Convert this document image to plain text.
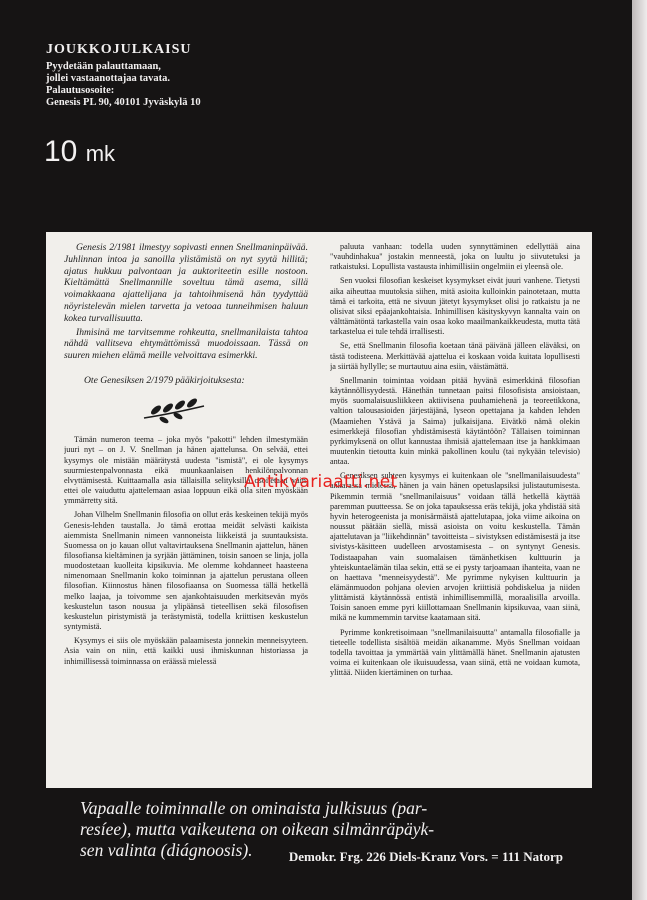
JOUKKOJULKAISU
Pyydetään palauttamaan,
jollei vastaanottajaa tavata.
Palautusosoite:
Genesis PL 90, 40101 Jyväskylä 10
10 mk

Genesis 2/1981 ilmestyy sopivasti ennen Snellmaninpäivää. Juhlinnan intoa ja sanoilla ylistämistä on nyt syytä hillitä; ajatus hukkuu palvontaan ja auktoriteetin esille nostoon. Kieltämättä Snellmannille soveltuu tämä asema, sillä voimakkaana ajattelijana ja tahtoihmisenä hän tyydyttää nöyristelevän mielen tarvetta ja vetoaa tunneihmisen haluun kokea turvallisuutta.

Ihmisinä me tarvitsemme rohkeutta, snellmanilaista tahtoa nähdä vallitseva ehtymättömissä muodoissaan. Tässä on suuren miehen elämä meille velvoittava esimerkki.

Ote Genesiksen 2/1979 pääkirjoituksesta:

Tämän numeron teema – joka myös "pakotti" lehden ilmestymään juuri nyt – on J. V. Snellman ja hänen ajattelunsa. On selvää, ettei kysymys ole mistään määrätystä uudesta "ismistä", ei ole kysymys suurmiestenpalvonnasta eikä muunkaanlaisen henkilönpalvonnan elvyttämisestä. Kuittaamalla asia tällaisilla selityksillä osoitetaan vain, ettei ole vaiuduttu ajattelemaan asiaa loppuun eikä olla siten myöskään ymmärretty sitä.

Johan Vilhelm Snellmanin filosofia on ollut eräs keskeinen tekijä myös Genesis-lehden taustalla. Jo tämä erottaa meidät selvästi kaikista aiemmista Snellmanin nimeen vannoneista liikkeistä ja suuntauksista. Suomessa on jo kauan ollut valtavirtauksena Snellmanin ajattelun, hänen filosofiansa kieltäminen ja syrjään jättäminen, toisin sanoen se linja, jolla muodostetaan kuolleita kipsikuvia. Me olemme kohdanneet haasteena nimenomaan Snellmanin koko toiminnan ja ajattelun perustana olleen filosofian. Kiinnostus hänen filosofiaansa on Suomessa tällä hetkellä melko laajaa, ja toivomme sen ajankohtaisuuden merkitsevän myös keskustelun tason nousua ja ylipäänsä tieteellisen sekä filosofisen keskustelun piristymistä ja terästymistä, todella kriittisen keskustelun syntymistä.

Kysymys ei siis ole myöskään palaamisesta jonnekin menneisyyteen. Asia vain on niin, että kaikki uusi ihmiskunnan historiassa ja inhimillisessä toiminnassa on eräässä mielessä

paluuta vanhaan: todella uuden synnyttäminen edellyttää aina "vauhdinhakua" jostakin menneestä, joka on luultu jo siivutetuksi ja ratkaistuksi. Lopullista vastausta inhimillisiin ongelmiin ei yleensä ole.

Sen vuoksi filosofian keskeiset kysymykset eivät juuri vanhene. Tietysti aika aiheuttaa muutoksia siihen, mitä asioita kulloinkin painotetaan, mutta tämä ei tarkoita, että ne sivuun jätetyt kysymykset olisi jo ratkaistu ja ne olisivat siksi epäajankohtaisia. Inhimillisen käsityskyvyn kannalta vain on välttämätöntä tarkastella vain osaa koko maailmankaikkeudesta, mutta tätä tarkastelua ei tule tehdä irrallisesti.

Se, että Snellmanin filosofia koetaan tänä päivänä jälleen eläväksi, on tästä todisteena. Merkittävää ajattelua ei koskaan voida kuitata lopullisesti ja siirtää hyllylle; se murtautuu aina esiin, väistämättä.

Snellmanin toimintaa voidaan pitää hyvänä esimerkkinä filosofian käytännöllisyydestä. Hänethän tunnetaan paitsi filosofisista ansioistaan, myös suomalaisuusliikkeen aktiivisena puuhamiehenä ja teoreetikkona, valtion talousasioiden järjestäjänä, lyseon opettajana ja kahden lehden (Maamiehen Ystävä ja Saima) julkaisijana. Eivätkö nämä olekin esimerkkejä filosofian yhdistämisestä käytäntöön? Tällaisen toiminnan pyrkimyksenä on ollut kannustaa ihmisiä ajattelemaan itse ja hankkimaan muutenkin tietoutta kuin minkä pakollinen koulu (tai nykyään televisio) antaa.

Genesiksen suhteen kysymys ei kuitenkaan ole "snellmanilaisuudesta" ankarassa mielessä, hänen ja vain hänen opetuslapsiksi julistautumisesta. Pikemmin termiä "snellmanilaisuus" voidaan tällä hetkellä käyttää paremman puutteessa. Se on joka tapauksessa eräs tekijä, joka yhdistää sitä hyvin heterogeenista ja monisärmäistä ajattelutapaa, joka viime aikoina on noussut päätään siellä, missä asioista on voitu keskustella. Tämän ajattelutavan ja "liikehdinnän" tavoitteista – sivistyksen edistämisestä ja itse sivistys-käsitteen uudelleen arvostamisesta – on syntynyt Genesis. Todistaapahan vain suomalaisen tämänhetkisen kulttuurin ja yhteiskuntaelämän tilaa sekin, että se ei pysty tarjoamaan ihanteita, vaan ne on haettava "menneisyydestä". Me pyrimme nykyisen kulttuurin ja elämänmuodon pohjana olevien arvojen kriittisiä pohdiskelua ja niiden ylittämistä käytännössä entistä inhimillisemmillä, moraalisilla arvoilla. Toisin sanoen emme pyri kiillottamaan Snellmanin kipsikuvaa, vaan siinä, mikä ne kummemmin tarvitse kaatamaan sitä.

Pyrimme konkretisoimaan "snellmanilaisuutta" antamalla filosofialle ja tieteelle todellista sisältöä meidän aikanamme. Myös Snellman voidaan todella tavoittaa ja ymmärtää vain ylittämällä hänet. Snellmanin ajatusten voima ei kuitenkaan ole ikuisuudessa, vaan siinä, että ne voidaan kumota, ylittää. Niiden kiertäminen on turhaa.

Antikvariaatti.net

Vapaalle toiminnalle on ominaista julkisuus (par-

resíee), mutta vaikeutena on oikean silmänräpäyk-

sen valinta (diágnoosis).	Demokr. Frg. 226 Diels-Kranz Vors. = 111 Natorp
